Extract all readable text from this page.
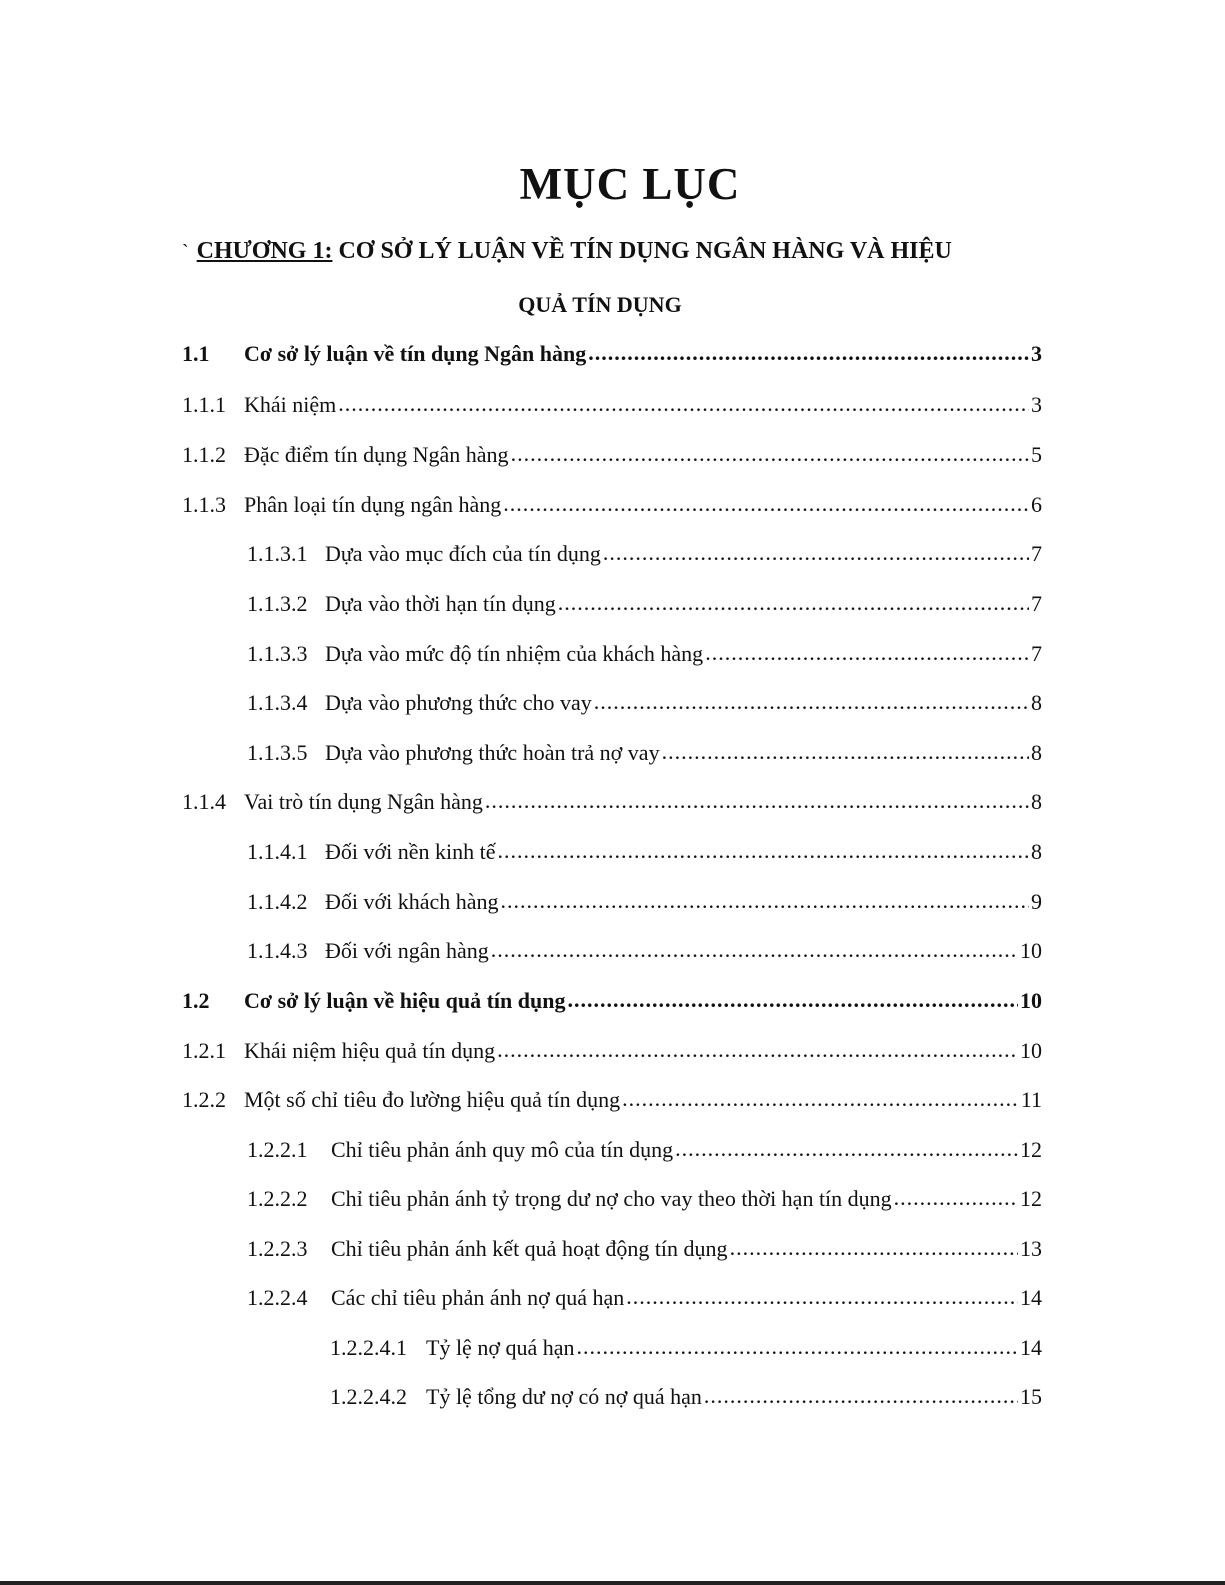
MỤC LỤC
ˋ CHƯƠNG 1: CƠ SỞ LÝ LUẬN VỀ TÍN DỤNG NGÂN HÀNG VÀ HIỆU
QUẢ TÍN DỤNG
1.1	Cơ sở lý luận về tín dụng Ngân hàng .....	3
1.1.1 Khái niệm .....	3
1.1.2 Đặc điểm tín dụng Ngân hàng .....	5
1.1.3 Phân loại tín dụng ngân hàng .....	6
1.1.3.1 Dựa vào mục đích của tín dụng .....	7
1.1.3.2 Dựa vào thời hạn tín dụng .....	7
1.1.3.3 Dựa vào mức độ tín nhiệm của khách hàng .....	7
1.1.3.4 Dựa vào phương thức cho vay .....	8
1.1.3.5 Dựa vào phương thức hoàn trả nợ vay .....	8
1.1.4 Vai trò tín dụng Ngân hàng .....	8
1.1.4.1 Đối với nền kinh tế .....	8
1.1.4.2 Đối với khách hàng .....	9
1.1.4.3 Đối với ngân hàng .....	10
1.2	Cơ sở lý luận về hiệu quả tín dụng .....	10
1.2.1 Khái niệm hiệu quả tín dụng .....	10
1.2.2 Một số chỉ tiêu đo lường hiệu quả tín dụng .....	11
1.2.2.1	Chỉ tiêu phản ánh quy mô của tín dụng .....	12
1.2.2.2	Chỉ tiêu phản ánh tỷ trọng dư nợ cho vay theo thời hạn tín dụng .....	12
1.2.2.3	Chỉ tiêu phản ánh kết quả hoạt động tín dụng .....	13
1.2.2.4	Các chỉ tiêu phản ánh nợ quá hạn .....	14
1.2.2.4.1 Tỷ lệ nợ quá hạn .....	14
1.2.2.4.2 Tỷ lệ tổng dư nợ có nợ quá hạn .....	15
